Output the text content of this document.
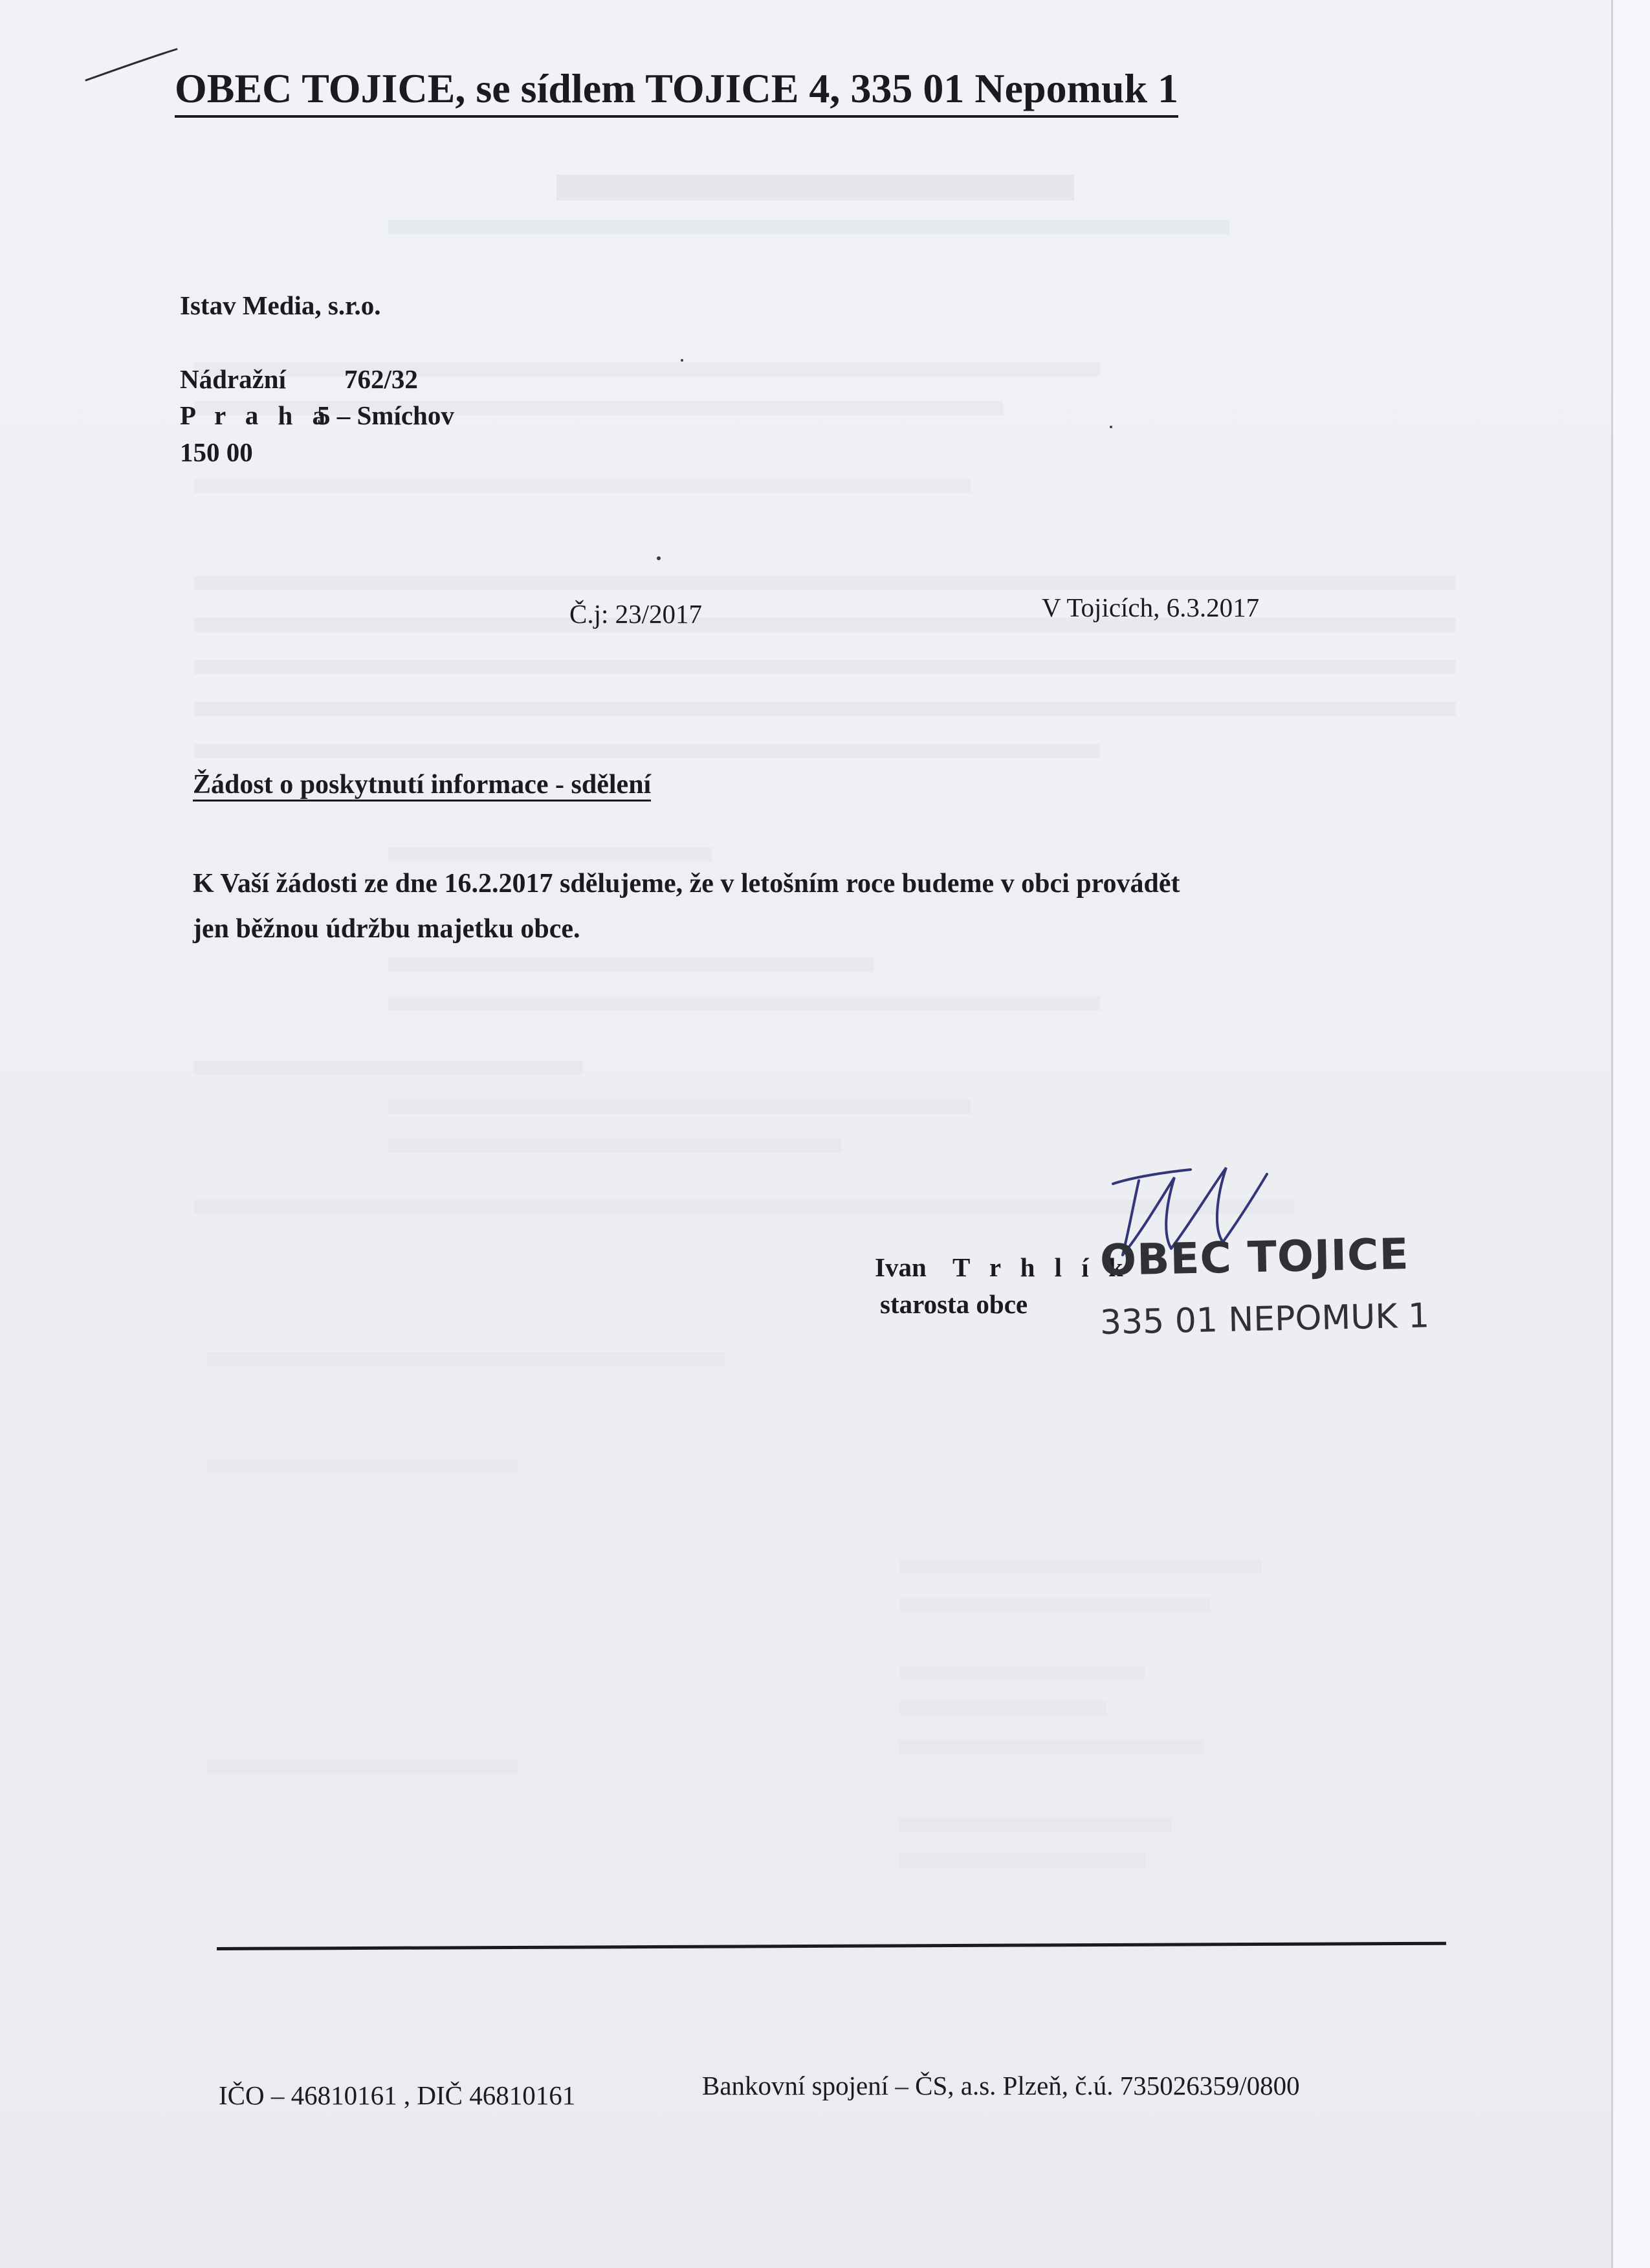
OBEC TOJICE, se sídlem TOJICE 4, 335 01 Nepomuk 1
Istav Media, s.r.o.
Nádražní 762/32
P r a h a
5 – Smíchov
150 00
Č.j: 23/2017	V Tojicích, 6.3.2017
Žádost o poskytnutí informace - sdělení
K Vaší žádosti ze dne 16.2.2017 sdělujeme, že v letošním roce budeme v obci provádět
jen běžnou údržbu majetku obce.
Ivan T r h l í k
starosta obce
OBEC TOJICE
335 01 NEPOMUK 1
IČO – 46810161 , DIČ 46810161	Bankovní spojení – ČS, a.s. Plzeň, č.ú. 735026359/0800
